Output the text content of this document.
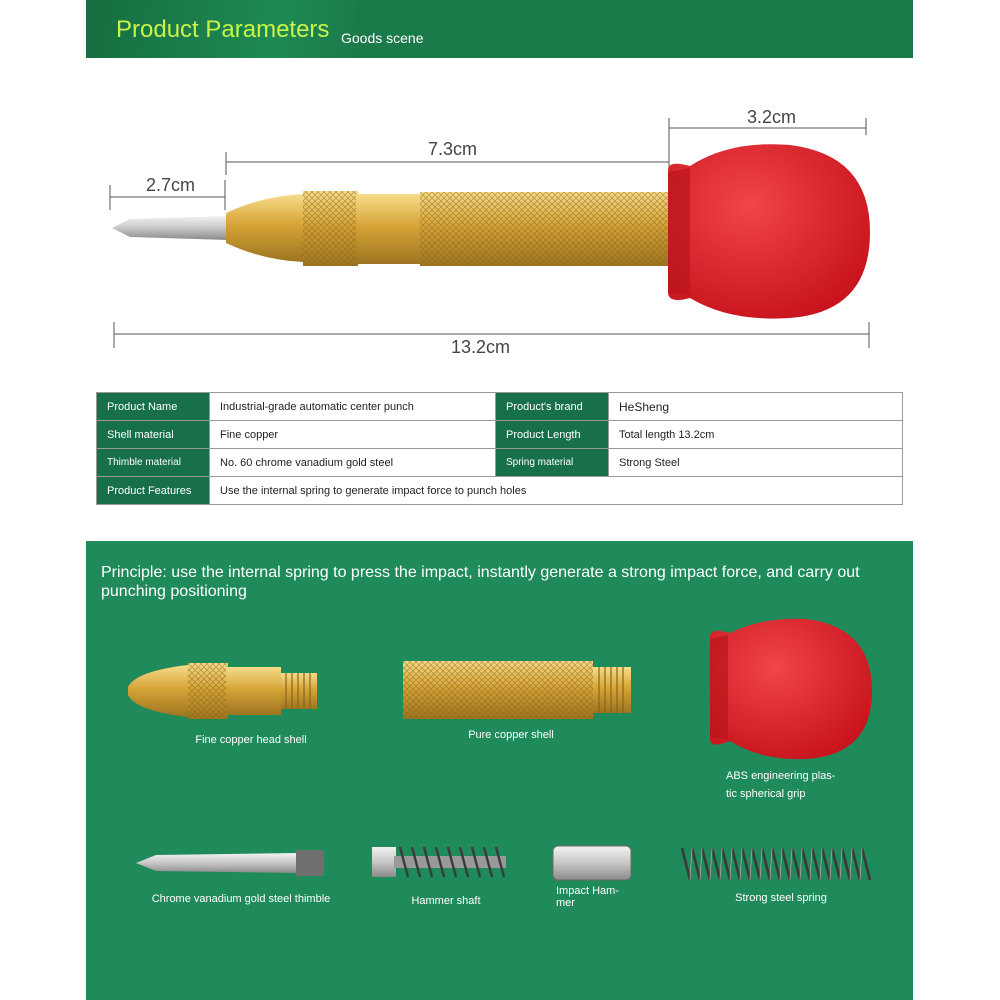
Product Parameters Goods scene
2.7cm
7.3cm
3.2cm
13.2cm
Product Name	Industrial-grade automatic center punch	Product's brand	HeSheng
Shell material	Fine copper	Product Length	Total length 13.2cm
Thimble material	No. 60 chrome vanadium gold steel	Spring material	Strong Steel
Product Features	Use the internal spring to generate impact force to punch holes		
Principle: use the internal spring to press the impact, instantly generate a strong impact force, and carry out punching positioning
Fine copper head shell	Pure copper shell
ABS engineering plas-
tic spherical grip
Chrome vanadium gold steel thimble	Hammer shaft
Impact Ham-
mer	Strong steel spring
